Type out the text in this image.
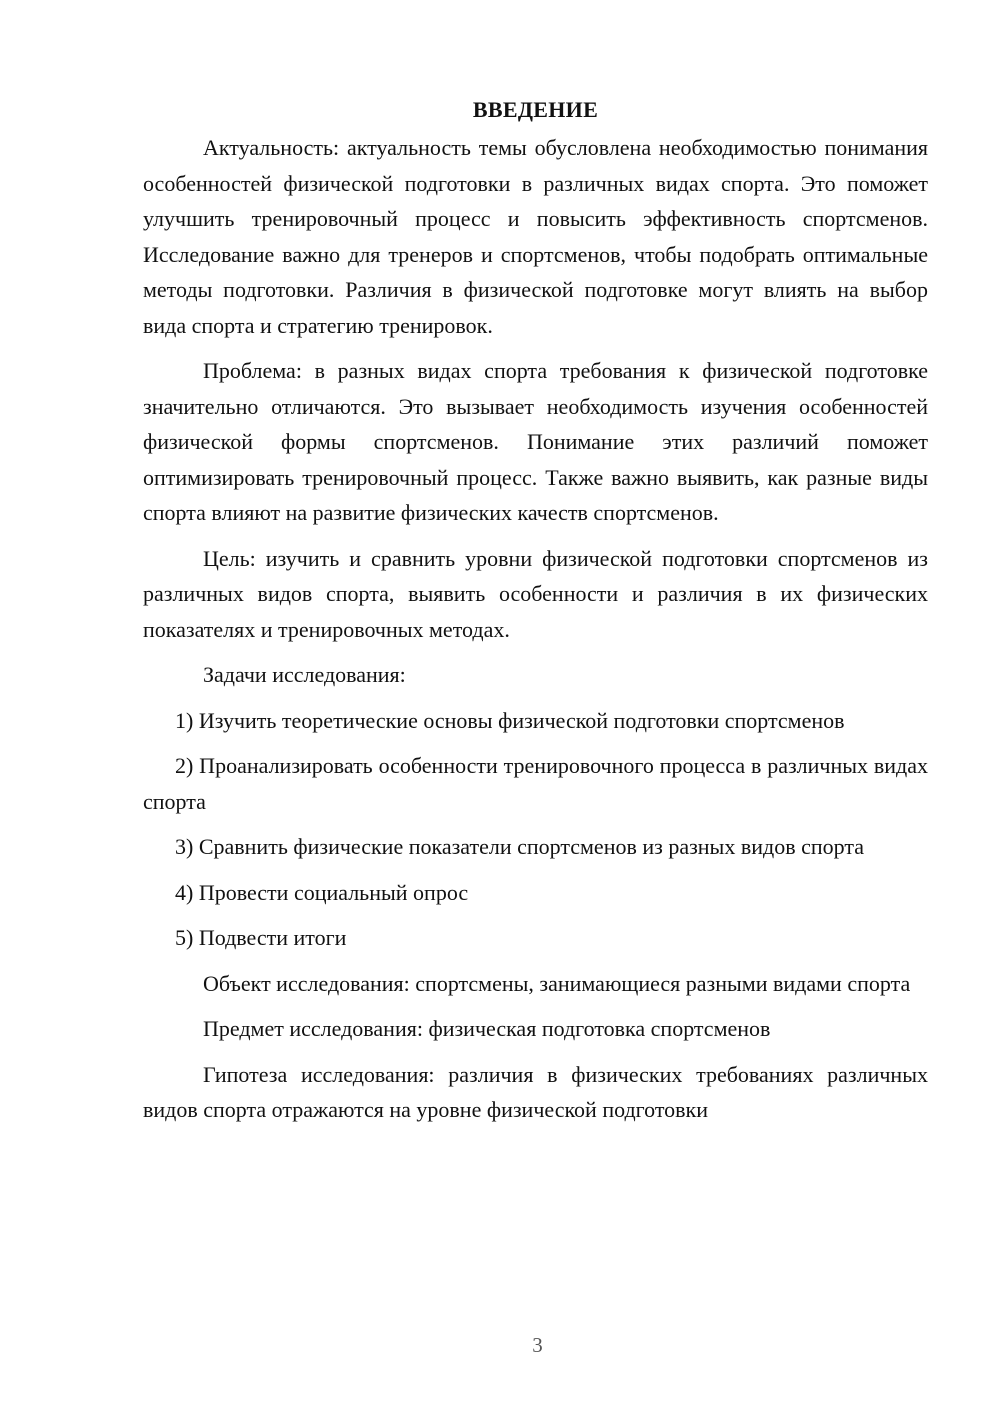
ВВЕДЕНИЕ

Актуальность: актуальность темы обусловлена необходимостью понимания особенностей физической подготовки в различных видах спорта. Это поможет улучшить тренировочный процесс и повысить эффективность спортсменов. Исследование важно для тренеров и спортсменов, чтобы подобрать оптимальные методы подготовки. Различия в физической подготовке могут влиять на выбор вида спорта и стратегию тренировок.

Проблема: в разных видах спорта требования к физической подготовке значительно отличаются. Это вызывает необходимость изучения особенностей физической формы спортсменов. Понимание этих различий поможет оптимизировать тренировочный процесс. Также важно выявить, как разные виды спорта влияют на развитие физических качеств спортсменов.

Цель: изучить и сравнить уровни физической подготовки спортсменов из различных видов спорта, выявить особенности и различия в их физических показателях и тренировочных методах.

Задачи исследования:

1) Изучить теоретические основы физической подготовки спортсменов

2) Проанализировать особенности тренировочного процесса в различных видах спорта

3) Сравнить физические показатели спортсменов из разных видов спорта

4) Провести социальный опрос

5) Подвести итоги

Объект исследования: спортсмены, занимающиеся разными видами спорта

Предмет исследования: физическая подготовка спортсменов

Гипотеза исследования: различия в физических требованиях различных видов спорта отражаются на уровне физической подготовки

3
